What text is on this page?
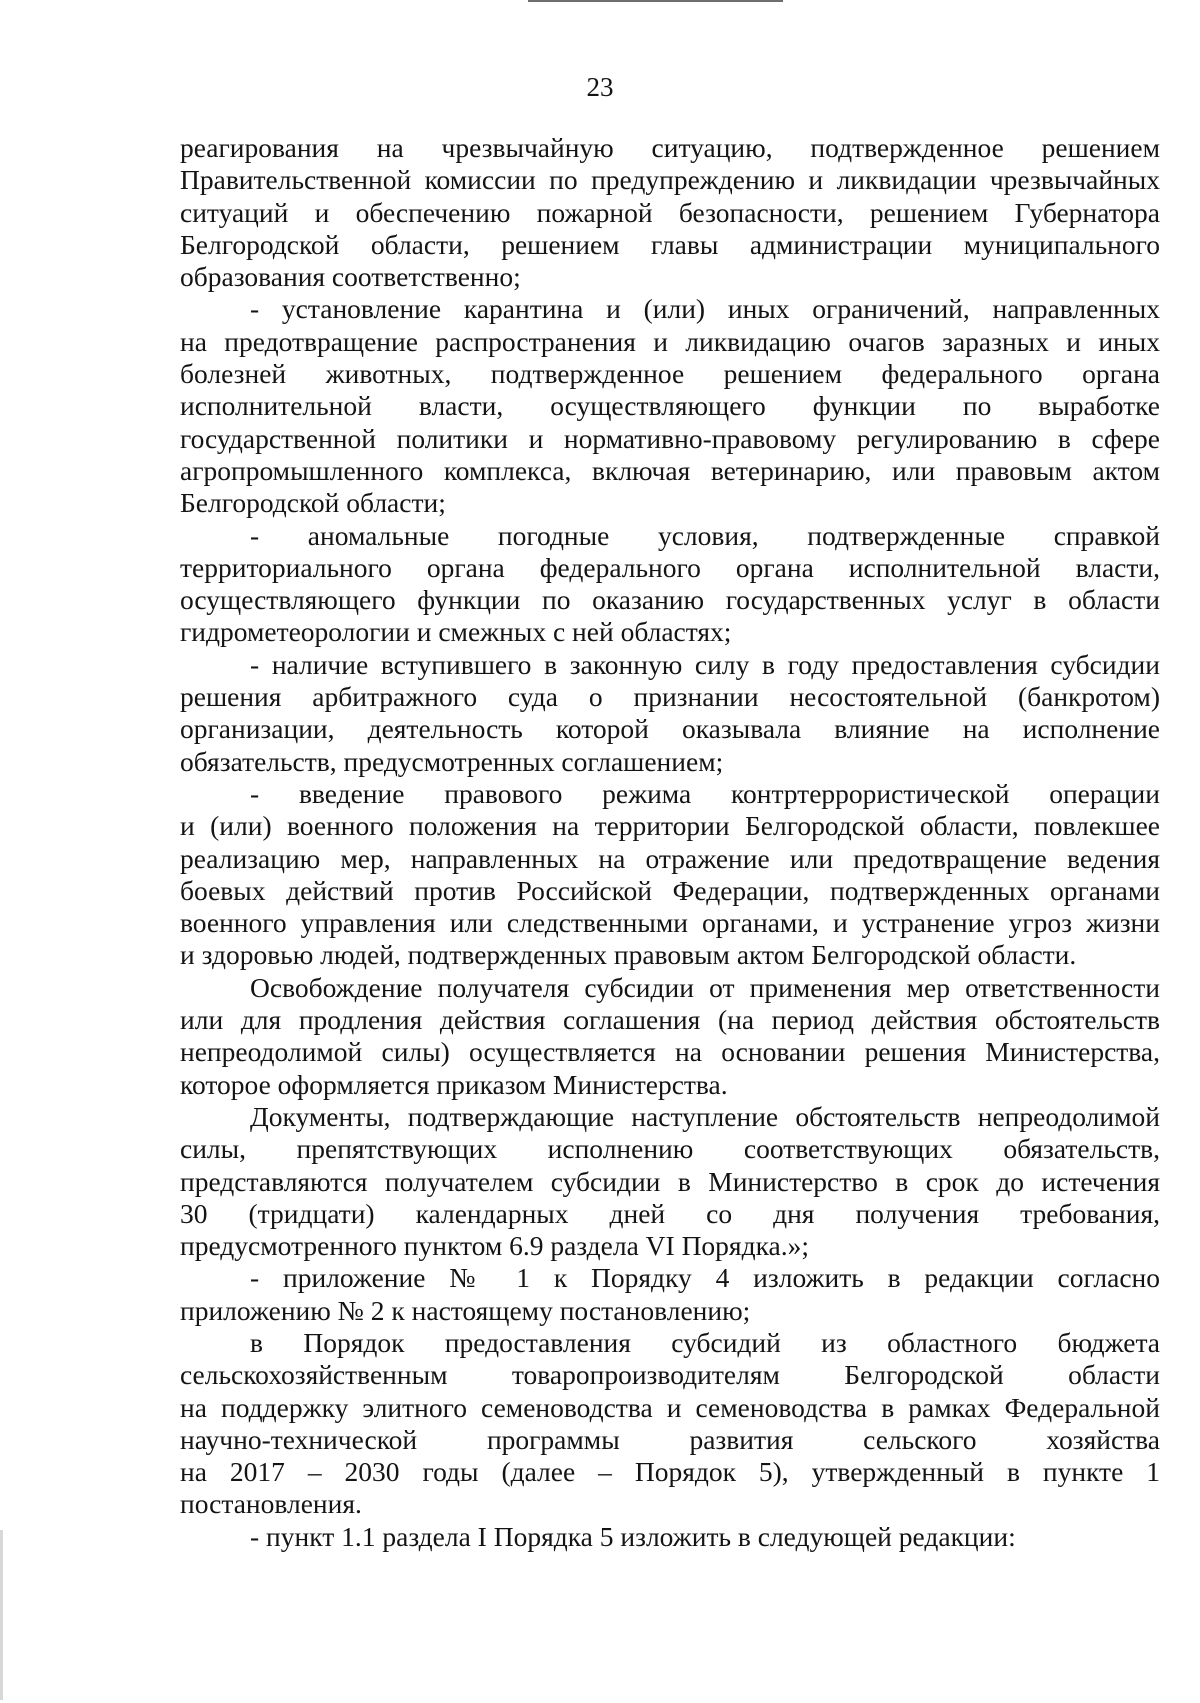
23
реагирования на чрезвычайную ситуацию, подтвержденное решением
Правительственной комиссии по предупреждению и ликвидации чрезвычайных
ситуаций и обеспечению пожарной безопасности, решением Губернатора
Белгородской области, решением главы администрации муниципального
образования соответственно;
- установление карантина и (или) иных ограничений, направленных
на предотвращение распространения и ликвидацию очагов заразных и иных
болезней животных, подтвержденное решением федерального органа
исполнительной власти, осуществляющего функции по выработке
государственной политики и нормативно-правовому регулированию в сфере
агропромышленного комплекса, включая ветеринарию, или правовым актом
Белгородской области;
- аномальные погодные условия, подтвержденные справкой
территориального органа федерального органа исполнительной власти,
осуществляющего функции по оказанию государственных услуг в области
гидрометеорологии и смежных с ней областях;
- наличие вступившего в законную силу в году предоставления субсидии
решения арбитражного суда о признании несостоятельной (банкротом)
организации, деятельность которой оказывала влияние на исполнение
обязательств, предусмотренных соглашением;
- введение правового режима контртеррористической операции
и (или) военного положения на территории Белгородской области, повлекшее
реализацию мер, направленных на отражение или предотвращение ведения
боевых действий против Российской Федерации, подтвержденных органами
военного управления или следственными органами, и устранение угроз жизни
и здоровью людей, подтвержденных правовым актом Белгородской области.
Освобождение получателя субсидии от применения мер ответственности
или для продления действия соглашения (на период действия обстоятельств
непреодолимой силы) осуществляется на основании решения Министерства,
которое оформляется приказом Министерства.
Документы, подтверждающие наступление обстоятельств непреодолимой
силы, препятствующих исполнению соответствующих обязательств,
представляются получателем субсидии в Министерство в срок до истечения
30 (тридцати) календарных дней со дня получения требования,
предусмотренного пунктом 6.9 раздела VI Порядка.»;
- приложение № 1 к Порядку 4 изложить в редакции согласно
приложению № 2 к настоящему постановлению;
в Порядок предоставления субсидий из областного бюджета
сельскохозяйственным товаропроизводителям Белгородской области
на поддержку элитного семеноводства и семеноводства в рамках Федеральной
научно-технической программы развития сельского хозяйства
на 2017 – 2030 годы (далее – Порядок 5), утвержденный в пункте 1
постановления.
- пункт 1.1 раздела I Порядка 5 изложить в следующей редакции:
